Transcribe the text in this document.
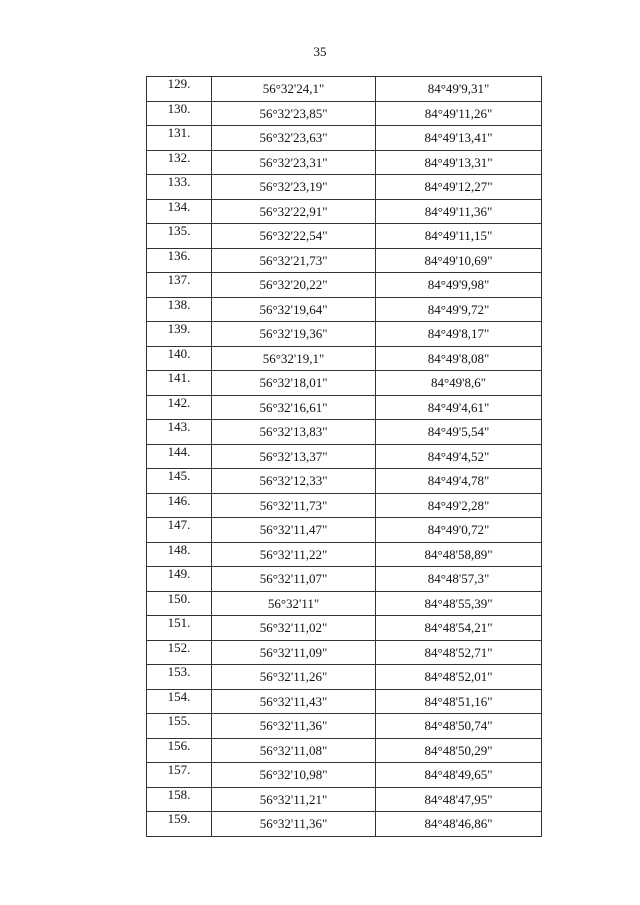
35
129.	56°32'24,1"	84°49'9,31"
130.	56°32'23,85"	84°49'11,26"
131.	56°32'23,63"	84°49'13,41"
132.	56°32'23,31"	84°49'13,31"
133.	56°32'23,19"	84°49'12,27"
134.	56°32'22,91"	84°49'11,36"
135.	56°32'22,54"	84°49'11,15"
136.	56°32'21,73"	84°49'10,69"
137.	56°32'20,22"	84°49'9,98"
138.	56°32'19,64"	84°49'9,72"
139.	56°32'19,36"	84°49'8,17"
140.	56°32'19,1"	84°49'8,08"
141.	56°32'18,01"	84°49'8,6"
142.	56°32'16,61"	84°49'4,61"
143.	56°32'13,83"	84°49'5,54"
144.	56°32'13,37"	84°49'4,52"
145.	56°32'12,33"	84°49'4,78"
146.	56°32'11,73"	84°49'2,28"
147.	56°32'11,47"	84°49'0,72"
148.	56°32'11,22"	84°48'58,89"
149.	56°32'11,07"	84°48'57,3"
150.	56°32'11"	84°48'55,39"
151.	56°32'11,02"	84°48'54,21"
152.	56°32'11,09"	84°48'52,71"
153.	56°32'11,26"	84°48'52,01"
154.	56°32'11,43"	84°48'51,16"
155.	56°32'11,36"	84°48'50,74"
156.	56°32'11,08"	84°48'50,29"
157.	56°32'10,98"	84°48'49,65"
158.	56°32'11,21"	84°48'47,95"
159.	56°32'11,36"	84°48'46,86"
